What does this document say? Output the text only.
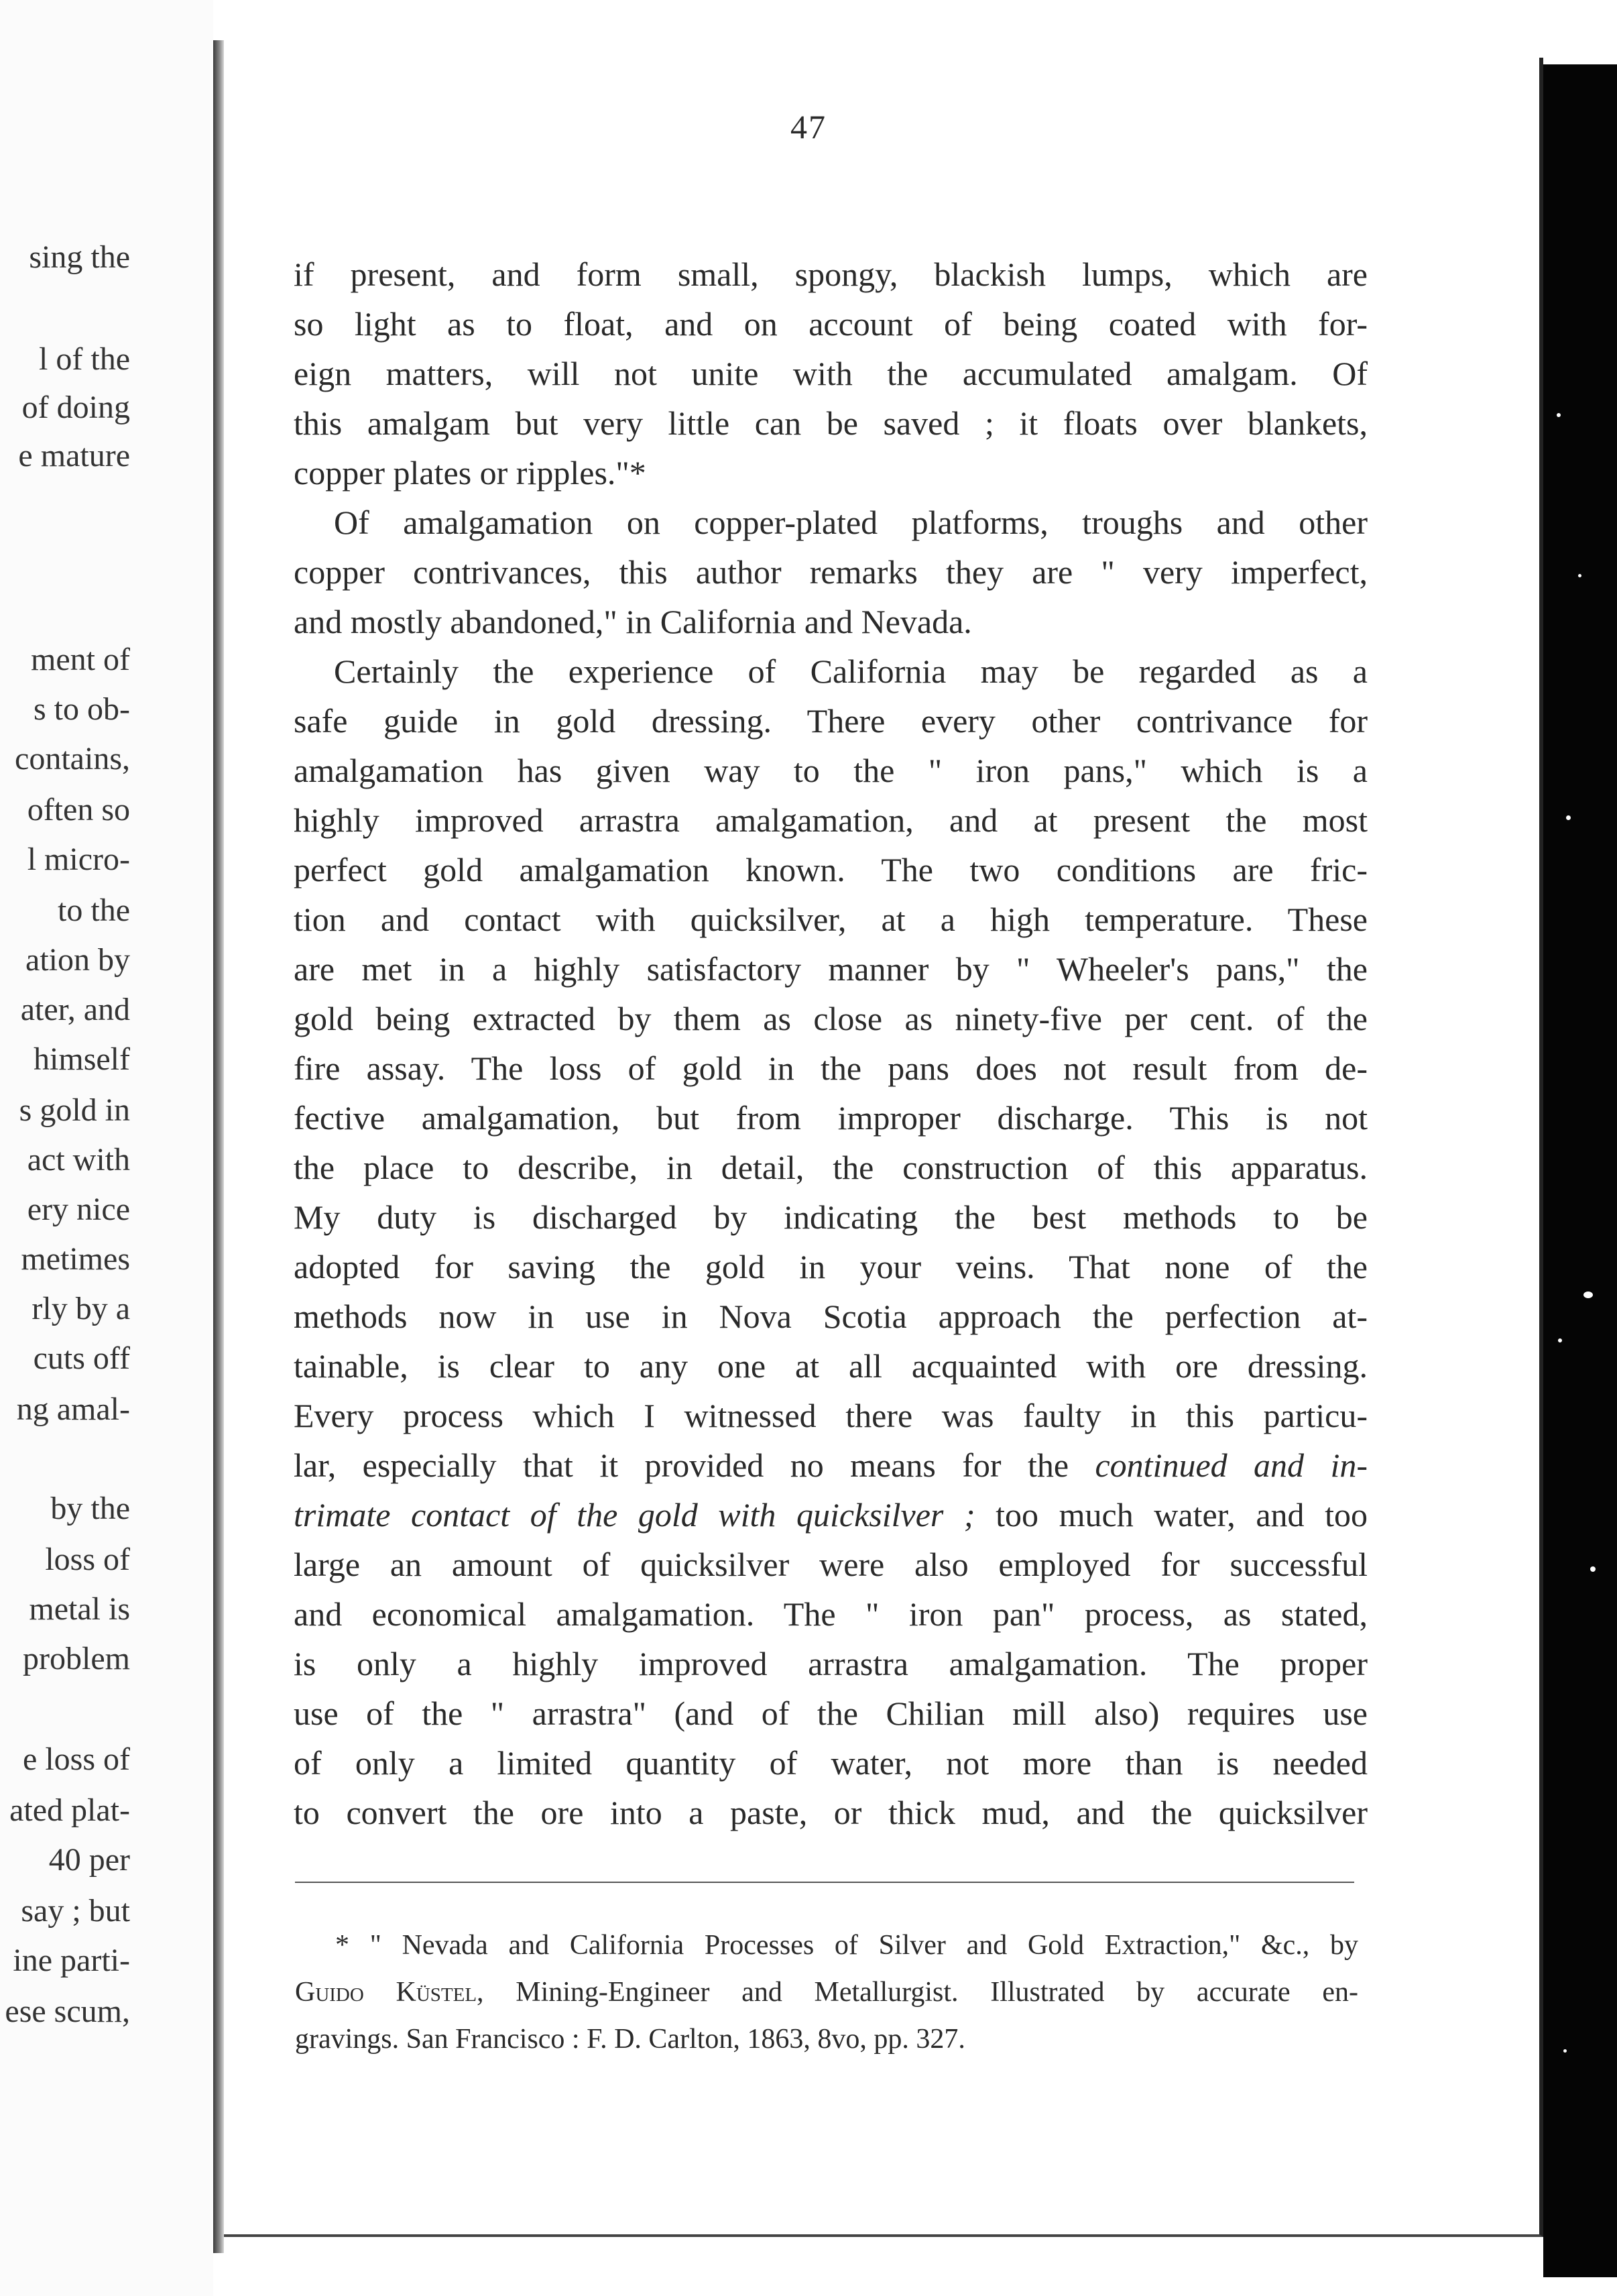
sing the

l of the

of doing

e mature

ment of

s to ob-

contains,

often so

l micro-

to the

ation by

ater, and

himself

s gold in

act with

ery nice

metimes

rly by a

cuts off

ng amal-

by the

loss of

metal is

problem

e loss of

ated plat-

40 per

say ; but

ine parti-

ese scum,

47

if present, and form small, spongy, blackish lumps, which are
so light as to float, and on account of being coated with for-
eign matters, will not unite with the accumulated amalgam. Of
this amalgam but very little can be saved ; it floats over blankets,
copper plates or ripples."*
Of amalgamation on copper-plated platforms, troughs and other
copper contrivances, this author remarks they are " very imperfect,
and mostly abandoned," in California and Nevada.
Certainly the experience of California may be regarded as a
safe guide in gold dressing. There every other contrivance for
amalgamation has given way to the " iron pans," which is a
highly improved arrastra amalgamation, and at present the most
perfect gold amalgamation known. The two conditions are fric-
tion and contact with quicksilver, at a high temperature. These
are met in a highly satisfactory manner by " Wheeler's pans," the
gold being extracted by them as close as ninety-five per cent. of the
fire assay. The loss of gold in the pans does not result from de-
fective amalgamation, but from improper discharge. This is not
the place to describe, in detail, the construction of this apparatus.
My duty is discharged by indicating the best methods to be
adopted for saving the gold in your veins. That none of the
methods now in use in Nova Scotia approach the perfection at-
tainable, is clear to any one at all acquainted with ore dressing.
Every process which I witnessed there was faulty in this particu-
lar, especially that it provided no means for the continued and in-
trimate contact of the gold with quicksilver ; too much water, and too
large an amount of quicksilver were also employed for successful
and economical amalgamation. The " iron pan" process, as stated,
is only a highly improved arrastra amalgamation. The proper
use of the " arrastra" (and of the Chilian mill also) requires use
of only a limited quantity of water, not more than is needed
to convert the ore into a paste, or thick mud, and the quicksilver
* " Nevada and California Processes of Silver and Gold Extraction," &c., by
Guido Küstel, Mining-Engineer and Metallurgist. Illustrated by accurate en-
gravings. San Francisco : F. D. Carlton, 1863, 8vo, pp. 327.
